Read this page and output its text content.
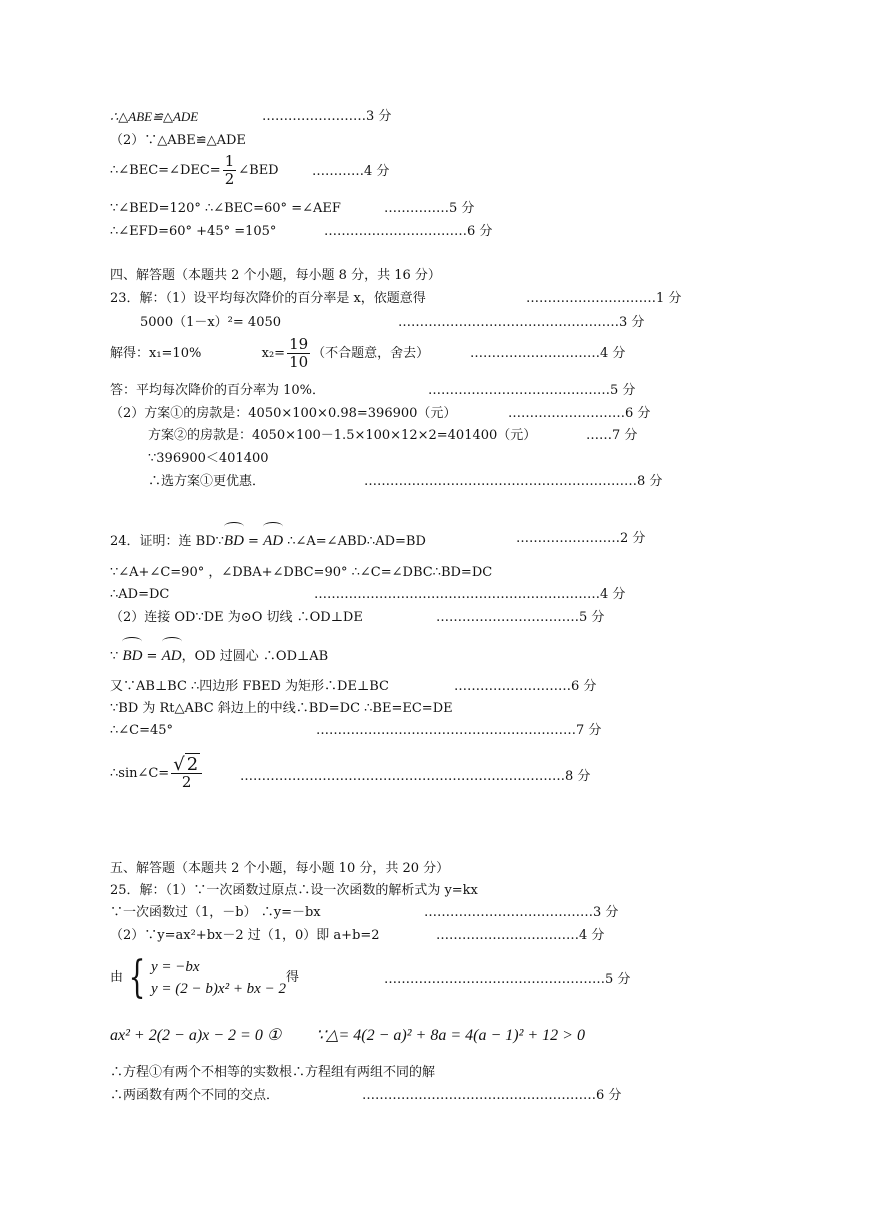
∴△ABE≌△ADE	……………………3 分
（2）∵△ABE≌△ADE
∴∠BEC=∠DEC= $\frac{1}{2}$ ∠BED	…………4 分
∵∠BED=120° ∴∠BEC=60° =∠AEF	……………5 分
∴∠EFD=60° +45° =105°	……………………………6 分
四、解答题（本题共 2 个小题，每小题 8 分，共 16 分）
23．解：（1）设平均每次降价的百分率是 x，依题意得	…………………………1 分
5000（1－x）²= 4050	……………………………………………3 分
解得：x₁=10%	$x_2= \frac{19}{10}$ （不合题意，舍去）	…………………………4 分
答：平均每次降价的百分率为 10%．	……………………………………5 分
（2）方案①的房款是：4050×100×0.98=396900（元）	………………………6 分
方案②的房款是：4050×100－1.5×100×12×2=401400（元）	……7 分
∵396900＜401400
∴选方案①更优惠．	………………………………………………………8 分
24．证明：连 BD∵BD = AD ∴∠A=∠ABD∴AD=BD	……………………2 分
∵∠A+∠C=90° ，∠DBA+∠DBC=90° ∴∠C=∠DBC∴BD=DC
∴AD=DC	…………………………………………………………4 分
（2）连接 OD∵DE 为⊙O 切线 ∴OD⊥DE	……………………………5 分
∵ BD = AD，OD 过圆心 ∴OD⊥AB
又∵AB⊥BC ∴四边形 FBED 为矩形∴DE⊥BC	………………………6 分
∵BD 为 Rt△ABC 斜边上的中线∴BD=DC ∴BE=EC=DE
∴∠C=45°	……………………………………………………7 分
∴sin∠C= $\frac{√ 2}{2}$	…………………………………………………………………8 分
五、解答题（本题共 2 个小题，每小题 10 分，共 20 分）
25．解：（1）∵一次函数过原点∴设一次函数的解析式为 y=kx
∵一次函数过（1，－b） ∴y=－bx	…………………………………3 分
（2）∵y=ax²+bx－2 过（1，0）即 a+b=2	……………………………4 分
由 { y = −bx
y = (2 − b)x² + bx − 2
得	……………………………………………5 分
ax² + 2(2 − a)x − 2 = 0 ① ∵△= 4(2 − a)² + 8a = 4(a − 1)² + 12 > 0
∴方程①有两个不相等的实数根∴方程组有两组不同的解
∴两函数有两个不同的交点．	………………………………………………6 分
